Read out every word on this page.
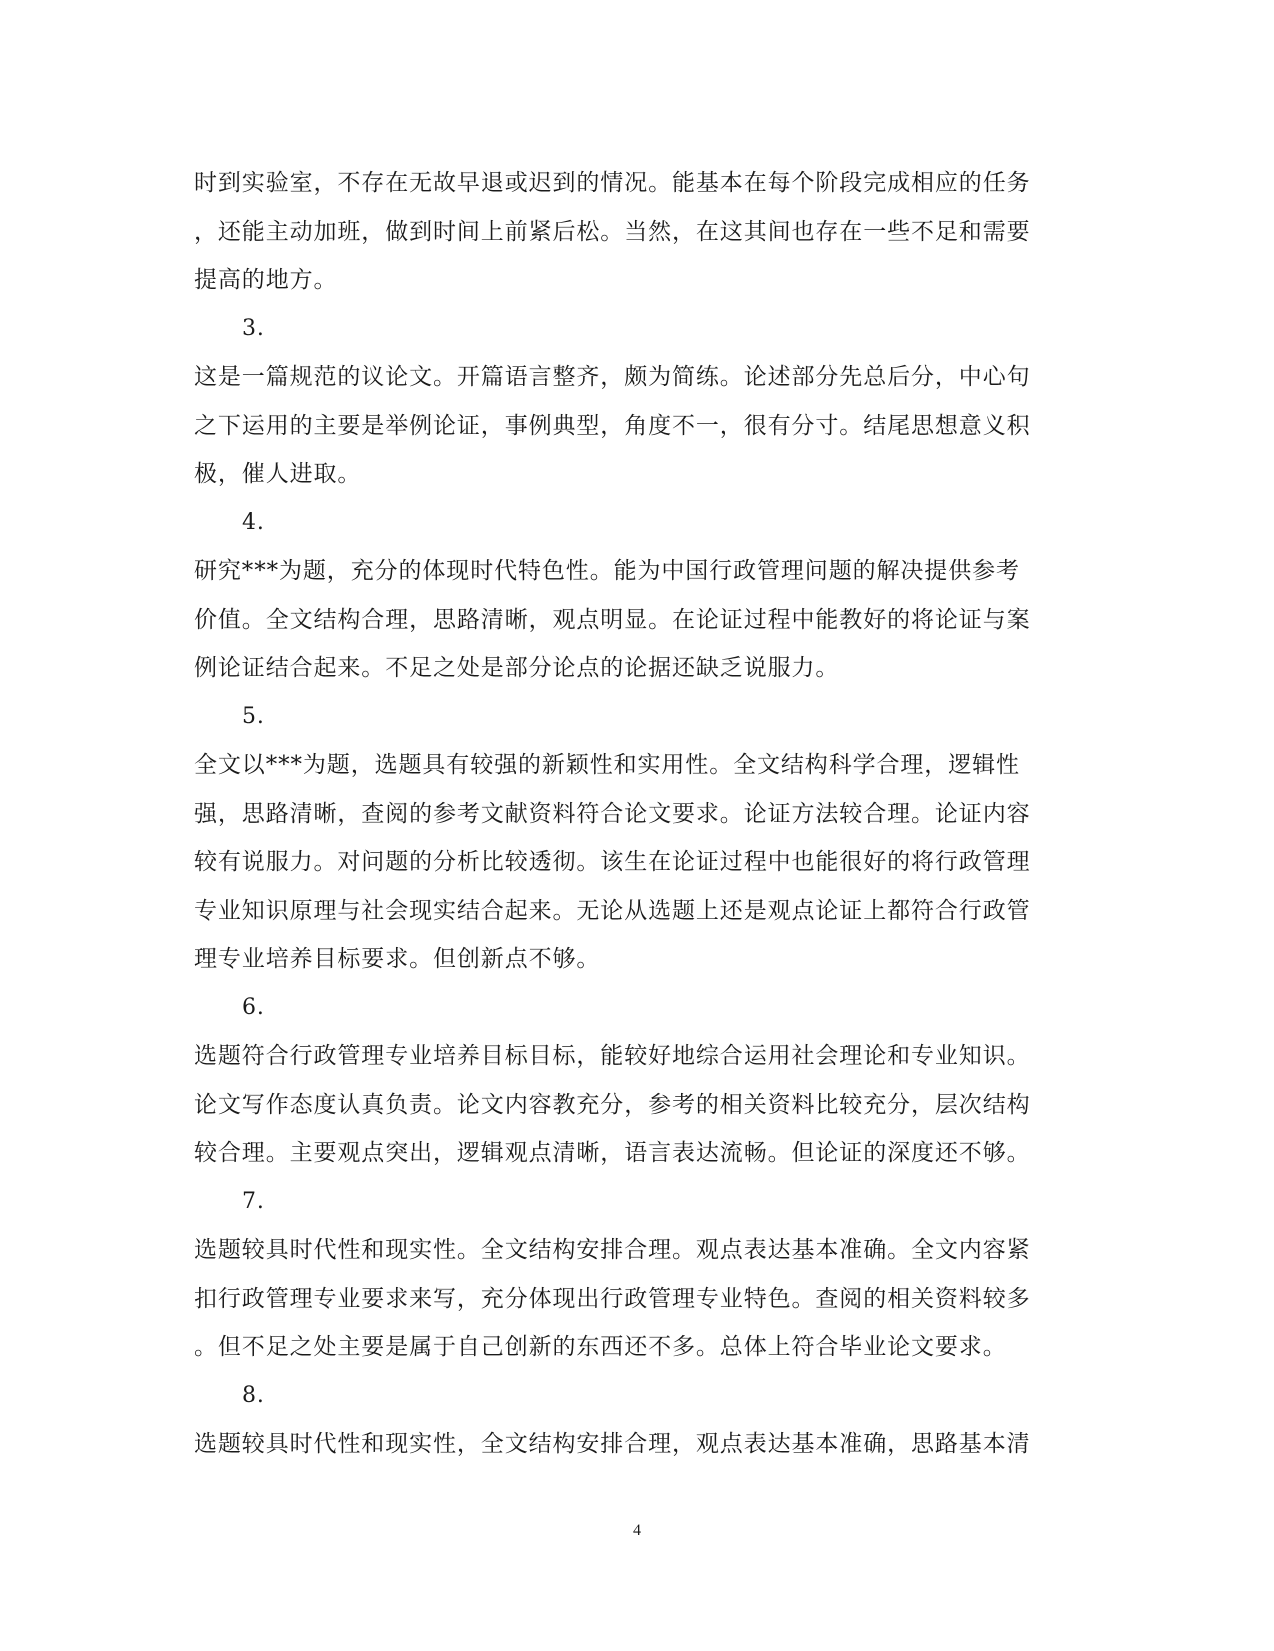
时到实验室，不存在无故早退或迟到的情况。能基本在每个阶段完成相应的任务
，还能主动加班，做到时间上前紧后松。当然，在这其间也存在一些不足和需要
提高的地方。
3.
这是一篇规范的议论文。开篇语言整齐，颇为简练。论述部分先总后分，中心句
之下运用的主要是举例论证，事例典型，角度不一，很有分寸。结尾思想意义积
极，催人进取。
4.
研究***为题，充分的体现时代特色性。能为中国行政管理问题的解决提供参考
价值。全文结构合理，思路清晰，观点明显。在论证过程中能教好的将论证与案
例论证结合起来。不足之处是部分论点的论据还缺乏说服力。
5.
全文以***为题，选题具有较强的新颖性和实用性。全文结构科学合理，逻辑性
强，思路清晰，查阅的参考文献资料符合论文要求。论证方法较合理。论证内容
较有说服力。对问题的分析比较透彻。该生在论证过程中也能很好的将行政管理
专业知识原理与社会现实结合起来。无论从选题上还是观点论证上都符合行政管
理专业培养目标要求。但创新点不够。
6.
选题符合行政管理专业培养目标目标，能较好地综合运用社会理论和专业知识。
论文写作态度认真负责。论文内容教充分，参考的相关资料比较充分，层次结构
较合理。主要观点突出，逻辑观点清晰，语言表达流畅。但论证的深度还不够。
7.
选题较具时代性和现实性。全文结构安排合理。观点表达基本准确。全文内容紧
扣行政管理专业要求来写，充分体现出行政管理专业特色。查阅的相关资料较多
。但不足之处主要是属于自己创新的东西还不多。总体上符合毕业论文要求。
8.
选题较具时代性和现实性，全文结构安排合理，观点表达基本准确，思路基本清
4
